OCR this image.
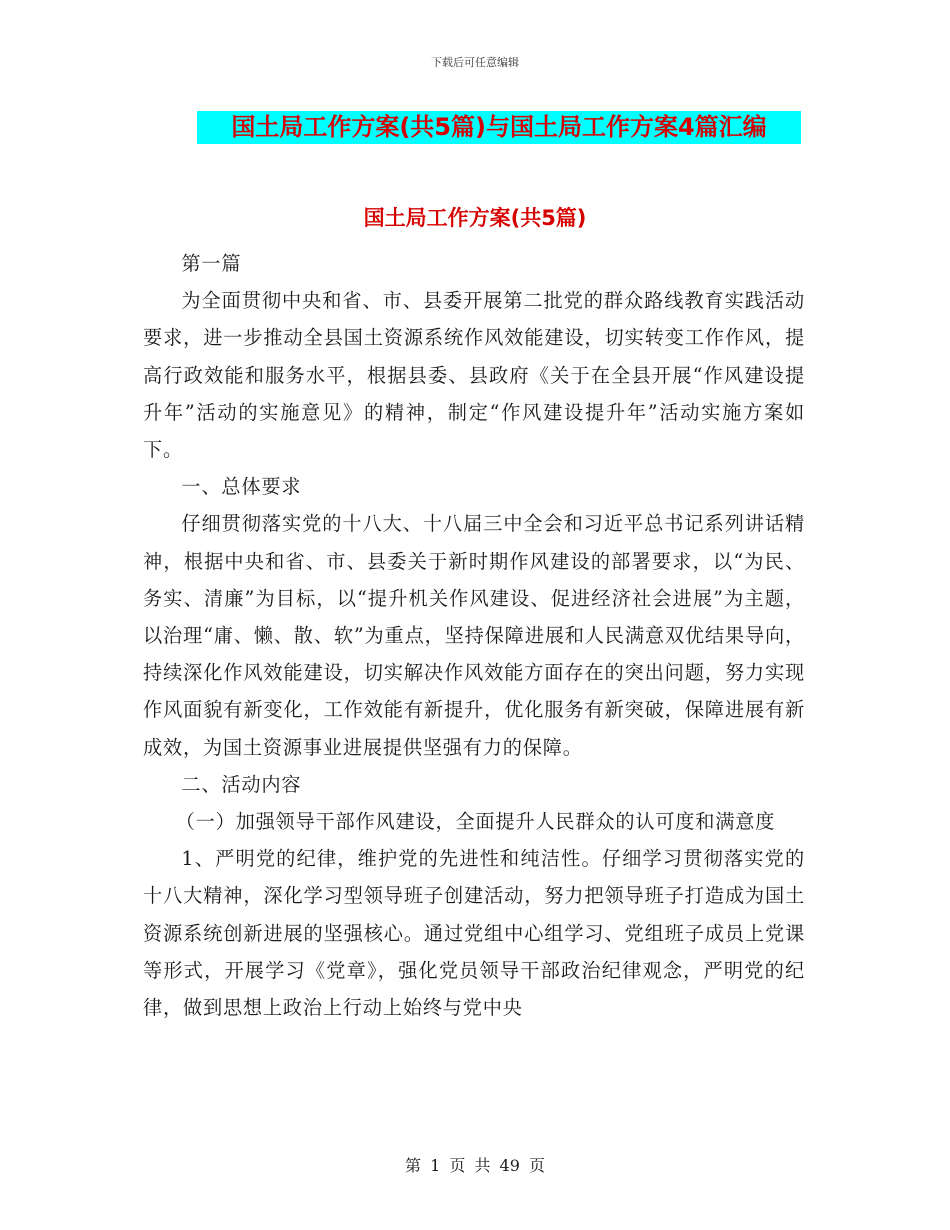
下载后可任意编辑
国土局工作方案(共5篇)与国土局工作方案4篇汇编
国土局工作方案(共5篇)

第一篇

为全面贯彻中央和省、市、县委开展第二批党的群众路线教育实践活动要求，进一步推动全县国土资源系统作风效能建设，切实转变工作作风，提高行政效能和服务水平，根据县委、县政府《关于在全县开展“作风建设提升年”活动的实施意见》的精神，制定“作风建设提升年”活动实施方案如下。

一、总体要求

仔细贯彻落实党的十八大、十八届三中全会和习近平总书记系列讲话精神，根据中央和省、市、县委关于新时期作风建设的部署要求，以“为民、务实、清廉”为目标，以“提升机关作风建设、促进经济社会进展”为主题，以治理“庸、懒、散、软”为重点，坚持保障进展和人民满意双优结果导向，持续深化作风效能建设，切实解决作风效能方面存在的突出问题，努力实现作风面貌有新变化，工作效能有新提升，优化服务有新突破，保障进展有新成效，为国土资源事业进展提供坚强有力的保障。

二、活动内容

（一）加强领导干部作风建设，全面提升人民群众的认可度和满意度

1、严明党的纪律，维护党的先进性和纯洁性。仔细学习贯彻落实党的十八大精神，深化学习型领导班子创建活动，努力把领导班子打造成为国土资源系统创新进展的坚强核心。通过党组中心组学习、党组班子成员上党课等形式，开展学习《党章》，强化党员领导干部政治纪律观念，严明党的纪律，做到思想上政治上行动上始终与党中央

第 1 页 共 49 页
